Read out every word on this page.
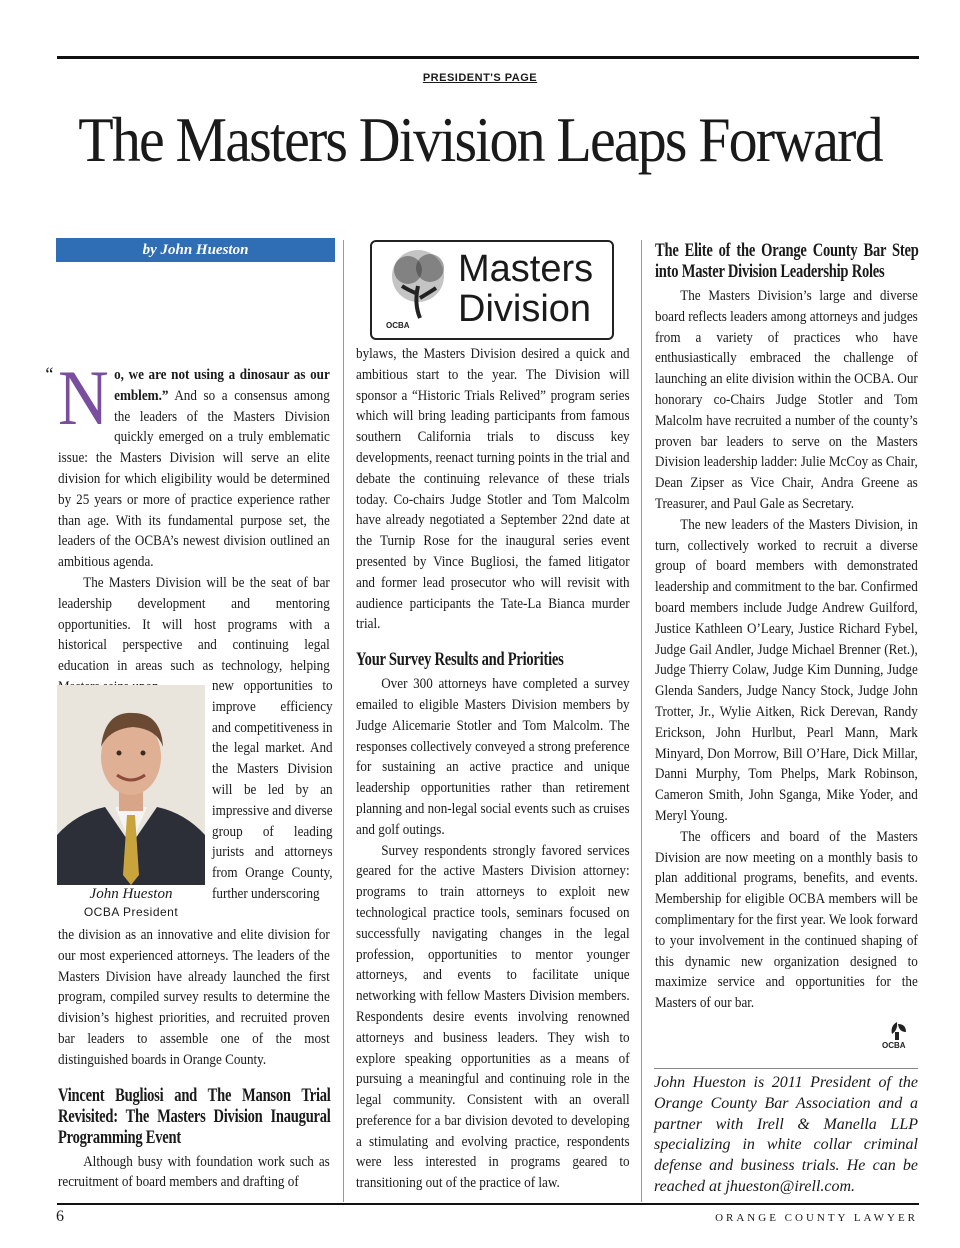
PRESIDENT'S PAGE
The Masters Division Leaps Forward
by John Hueston
“ N o, we are not using a dinosaur as our emblem.” And so a consensus among the leaders of the Masters Division quickly emerged on a truly emblematic issue: the Masters Division will serve an elite division for which eligibility would be determined by 25 years or more of practice experience rather than age. With its fundamental purpose set, the leaders of the OCBA’s newest division outlined an ambitious agenda.

The Masters Division will be the seat of bar leadership development and mentoring opportunities. It will host programs with a historical perspective and continuing legal education in areas such as technology, helping

John Hueston
OCBA President

new opportunities to improve efficiency and competitiveness in the legal market. And the Masters Division will be led by an impressive and diverse group of leading jurists and attorneys from Orange County, further underscoring

the division as an innovative and elite division for our most experienced attorneys. The leaders of the Masters Division have already launched the first program, compiled survey results to determine the division’s highest priorities, and recruited proven bar leaders to assemble one of the most distinguished boards in Orange County.

Vincent Bugliosi and The Manson Trial Revisited: The Masters Division Inaugural Programming Event

Although busy with foundation work such as recruitment of board members and drafting of

OCBA
Masters
Division

bylaws, the Masters Division desired a quick and ambitious start to the year. The Division will sponsor a “Historic Trials Relived” program series which will bring leading participants from famous southern California trials to discuss key developments, reenact turning points in the trial and debate the continuing relevance of these trials today. Co-chairs Judge Stotler and Tom Malcolm have already negotiated a September 22nd date at the Turnip Rose for the inaugural series event presented by Vince Bugliosi, the famed litigator and former lead prosecutor who will revisit with audience participants the Tate-La Bianca murder trial.

Your Survey Results and Priorities

Over 300 attorneys have completed a survey emailed to eligible Masters Division members by Judge Alicemarie Stotler and Tom Malcolm. The responses collectively conveyed a strong preference for sustaining an active practice and unique leadership opportunities rather than retirement planning and non-legal social events such as cruises and golf outings.

Survey respondents strongly favored services geared for the active Masters Division attorney: programs to train attorneys to exploit new technological practice tools, seminars focused on successfully navigating changes in the legal profession, opportunities to mentor younger attorneys, and events to facilitate unique networking with fellow Masters Division members. Respondents desire events involving renowned attorneys and business leaders. They wish to explore speaking opportunities as a means of pursuing a meaningful and continuing role in the legal community. Consistent with an overall preference for a bar division devoted to developing a stimulating and evolving practice, respondents were less interested in programs geared to transitioning out of the practice of law.

The Elite of the Orange County Bar Step into Master Division Leadership Roles

The Masters Division’s large and diverse board reflects leaders among attorneys and judges from a variety of practices who have enthusiastically embraced the challenge of launching an elite division within the OCBA. Our honorary co-Chairs Judge Stotler and Tom Malcolm have recruited a number of the county’s proven bar leaders to serve on the Masters Division leadership ladder: Julie McCoy as Chair, Dean Zipser as Vice Chair, Andra Greene as Treasurer, and Paul Gale as Secretary.

The new leaders of the Masters Division, in turn, collectively worked to recruit a diverse group of board members with demonstrated leadership and commitment to the bar. Confirmed board members include Judge Andrew Guilford, Justice Kathleen O’Leary, Justice Richard Fybel, Judge Gail Andler, Judge Michael Brenner (Ret.), Judge Thierry Colaw, Judge Kim Dunning, Judge Glenda Sanders, Judge Nancy Stock, Judge John Trotter, Jr., Wylie Aitken, Rick Derevan, Randy Erickson, John Hurlbut, Pearl Mann, Mark Minyard, Don Morrow, Bill O’Hare, Dick Millar, Danni Murphy, Tom Phelps, Mark Robinson, Cameron Smith, John Sganga, Mike Yoder, and Meryl Young.

The officers and board of the Masters Division are now meeting on a monthly basis to plan additional programs, benefits, and events. Membership for eligible OCBA members will be complimentary for the first year. We look forward to your involvement in the continued shaping of this dynamic new organization designed to maximize service and opportunities for the Masters of our bar.

OCBA
John Hueston is 2011 President of the Orange County Bar Association and a partner with Irell & Manella LLP specializing in white collar criminal defense and business trials. He can be reached at jhueston@irell.com.
6	ORANGE COUNTY LAWYER
